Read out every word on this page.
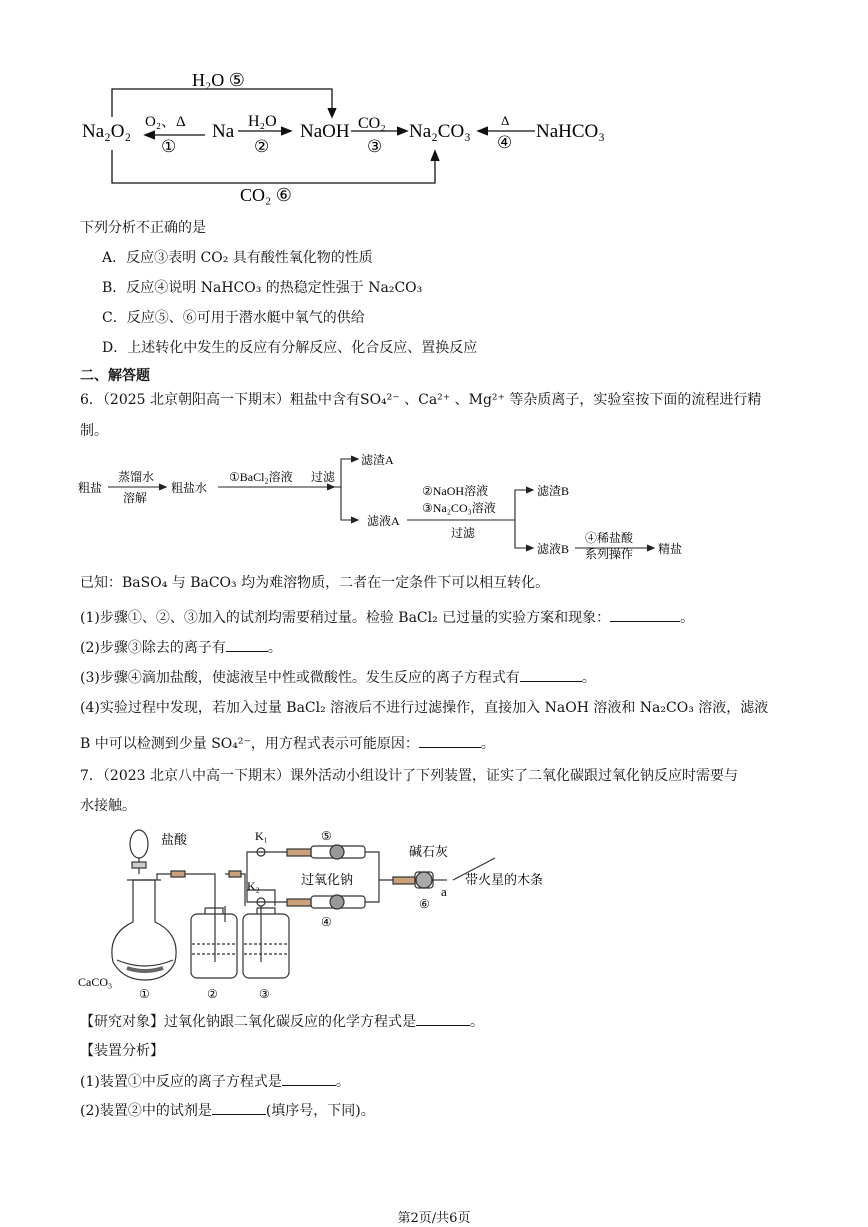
H₂O ⑤
Na₂O₂ O₂、Δ
①
Na H₂O
②
NaOH CO₂
③
Na₂CO₃
Δ
④
NaHCO₃
CO₂ ⑥
下列分析不正确的是
A．反应③表明 CO₂ 具有酸性氧化物的性质
B．反应④说明 NaHCO₃ 的热稳定性强于 Na₂CO₃
C．反应⑤、⑥可用于潜水艇中氧气的供给
D．上述转化中发生的反应有分解反应、化合反应、置换反应
二、解答题
6．（2025 北京朝阳高一下期末）粗盐中含有SO₄²⁻ 、Ca²⁺ 、Mg²⁺ 等杂质离子，实验室按下面的流程进行精
制。
粗盐
蒸馏水
溶解
粗盐水
①BaCl₂溶液 过滤
滤渣A
滤液A
②NaOH溶液
③Na₂CO₃溶液
过滤
滤渣B
滤液B
④稀盐酸
系列操作 精盐
已知：BaSO₄ 与 BaCO₃ 均为难溶物质，二者在一定条件下可以相互转化。
(1)步骤①、②、③加入的试剂均需要稍过量。检验 BaCl₂ 已过量的实验方案和现象：	。
(2)步骤③除去的离子有	。
(3)步骤④滴加盐酸，使滤液呈中性或微酸性。发生反应的离子方程式有	。
(4)实验过程中发现，若加入过量 BaCl₂ 溶液后不进行过滤操作，直接加入 NaOH 溶液和 Na₂CO₃ 溶液，滤液
B 中可以检测到少量 SO₄²⁻，用方程式表示可能原因：	。
7．（2023 北京八中高一下期末）课外活动小组设计了下列装置，证实了二氧化碳跟过氧化钠反应时需要与
水接触。
盐酸	K₁
K₂
⑤
过氧化钠
④
碱石灰
a
带火星的木条
⑥
CaCO₃
①	②	③
【研究对象】过氧化钠跟二氧化碳反应的化学方程式是	。
【装置分析】
(1)装置①中反应的离子方程式是	。
(2)装置②中的试剂是	(填序号，下同)。
第2页/共6页
